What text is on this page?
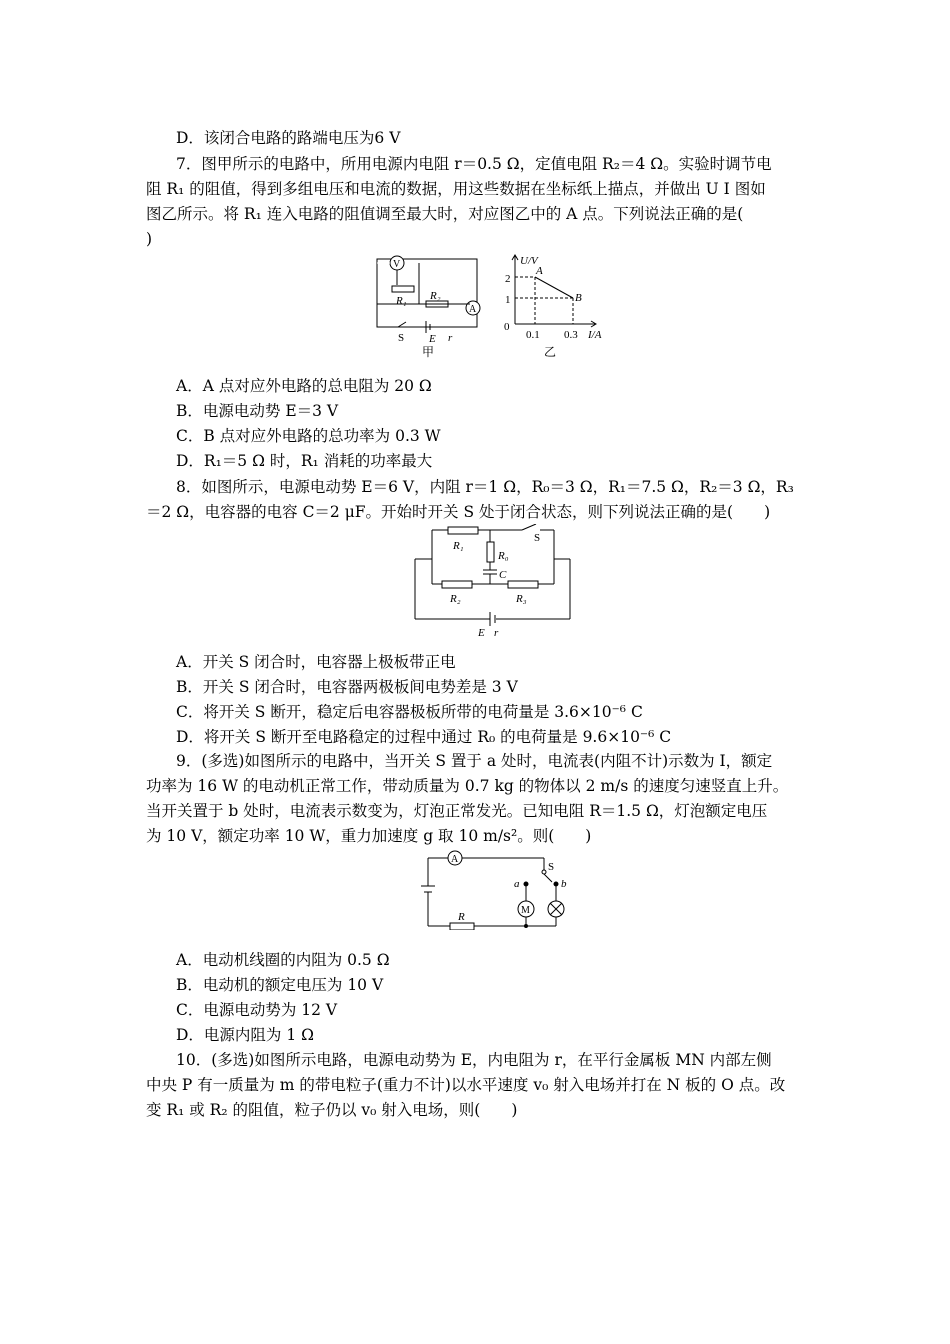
D．该闭合电路的路端电压为6 V
7．图甲所示的电路中，所用电源内电阻 r＝0.5 Ω，定值电阻 R₂＝4 Ω。实验时调节电
阻 R₁ 的阻值，得到多组电压和电流的数据，用这些数据在坐标纸上描点，并做出 U I 图如
图乙所示。将 R₁ 连入电路的阻值调至最大时，对应图乙中的 A 点。下列说法正确的是(
)
V
A
R₁ R₂
S E r
甲
U/V
2
1
0
A
B
0.1 0.3 I/A
乙
A．A 点对应外电路的总电阻为 20 Ω
B．电源电动势 E＝3 V
C．B 点对应外电路的总功率为 0.3 W
D．R₁＝5 Ω 时，R₁ 消耗的功率最大
8．如图所示，电源电动势 E＝6 V，内阻 r＝1 Ω，R₀＝3 Ω，R₁＝7.5 Ω，R₂＝3 Ω，R₃
＝2 Ω，电容器的电容 C＝2 μF。开始时开关 S 处于闭合状态，则下列说法正确的是(　　)
R₁
R₀
C
S
R₂	R₃
E r
A．开关 S 闭合时，电容器上极板带正电
B．开关 S 闭合时，电容器两极板间电势差是 3 V
C．将开关 S 断开，稳定后电容器极板所带的电荷量是 3.6×10⁻⁶ C
D．将开关 S 断开至电路稳定的过程中通过 R₀ 的电荷量是 9.6×10⁻⁶ C
9．(多选)如图所示的电路中，当开关 S 置于 a 处时，电流表(内阻不计)示数为 I，额定
功率为 16 W 的电动机正常工作，带动质量为 0.7 kg 的物体以 2 m/s 的速度匀速竖直上升。
当开关置于 b 处时，电流表示数变为，灯泡正常发光。已知电阻 R＝1.5 Ω，灯泡额定电压
为 10 V，额定功率 10 W，重力加速度 g 取 10 m/s²。则(　　)
A
S
a	b
M
R
A．电动机线圈的内阻为 0.5 Ω
B．电动机的额定电压为 10 V
C．电源电动势为 12 V
D．电源内阻为 1 Ω
10．(多选)如图所示电路，电源电动势为 E，内电阻为 r，在平行金属板 MN 内部左侧
中央 P 有一质量为 m 的带电粒子(重力不计)以水平速度 v₀ 射入电场并打在 N 板的 O 点。改
变 R₁ 或 R₂ 的阻值，粒子仍以 v₀ 射入电场，则(　　)
